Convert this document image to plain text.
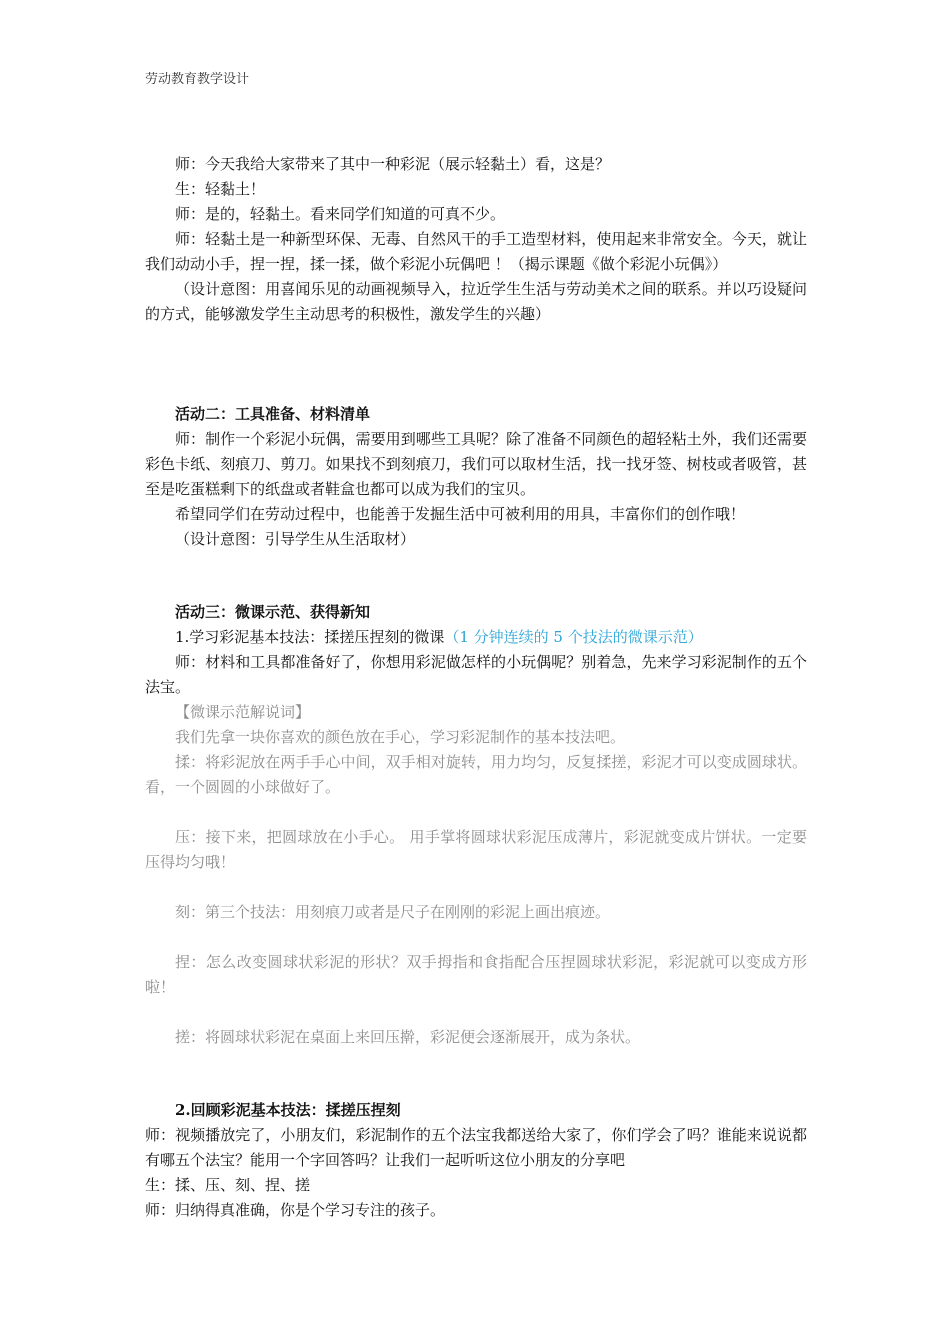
劳动教育教学设计

师：今天我给大家带来了其中一种彩泥（展示轻黏土）看，这是？

生：轻黏土！

师：是的，轻黏土。看来同学们知道的可真不少。

师：轻黏土是一种新型环保、无毒、自然风干的手工造型材料，使用起来非常安全。今天，就让我们动动小手，捏一捏，揉一揉，做个彩泥小玩偶吧 ！（揭示课题《做个彩泥小玩偶》）

（设计意图：用喜闻乐见的动画视频导入，拉近学生生活与劳动美术之间的联系。并以巧设疑问的方式，能够激发学生主动思考的积极性，激发学生的兴趣）

活动二：工具准备、材料清单

师：制作一个彩泥小玩偶，需要用到哪些工具呢？除了准备不同颜色的超轻粘土外，我们还需要彩色卡纸、刻痕刀、剪刀。如果找不到刻痕刀，我们可以取材生活，找一找牙签、树枝或者吸管，甚至是吃蛋糕剩下的纸盘或者鞋盒也都可以成为我们的宝贝。

希望同学们在劳动过程中，也能善于发掘生活中可被利用的用具，丰富你们的创作哦！

（设计意图：引导学生从生活取材）

活动三：微课示范、获得新知

1.学习彩泥基本技法：揉搓压捏刻的微课（1 分钟连续的 5 个技法的微课示范）

师：材料和工具都准备好了，你想用彩泥做怎样的小玩偶呢？别着急，先来学习彩泥制作的五个法宝。

【微课示范解说词】

我们先拿一块你喜欢的颜色放在手心，学习彩泥制作的基本技法吧。

揉：将彩泥放在两手手心中间，双手相对旋转，用力均匀，反复揉搓，彩泥才可以变成圆球状。看，一个圆圆的小球做好了。

压：接下来，把圆球放在小手心。 用手掌将圆球状彩泥压成薄片，彩泥就变成片饼状。一定要压得均匀哦！

刻：第三个技法：用刻痕刀或者是尺子在刚刚的彩泥上画出痕迹。

捏：怎么改变圆球状彩泥的形状？双手拇指和食指配合压捏圆球状彩泥，彩泥就可以变成方形啦！

搓：将圆球状彩泥在桌面上来回压擀，彩泥便会逐渐展开，成为条状。

2.回顾彩泥基本技法：揉搓压捏刻

师：视频播放完了，小朋友们，彩泥制作的五个法宝我都送给大家了，你们学会了吗？谁能来说说都有哪五个法宝？能用一个字回答吗？让我们一起听听这位小朋友的分享吧

生：揉、压、刻、捏、搓

师：归纳得真准确，你是个学习专注的孩子。
